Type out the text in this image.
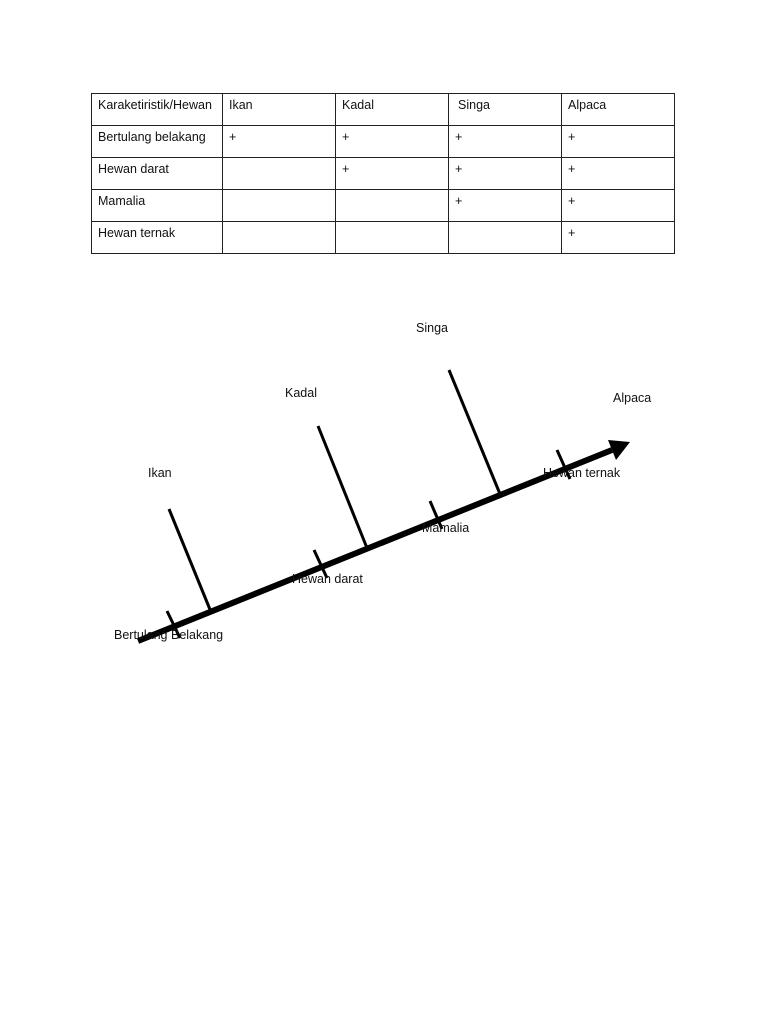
Karaketiristik/Hewan	Ikan	Kadal	Singa	Alpaca
Bertulang belakang	+	+	+	+
Hewan darat		+	+	+
Mamalia			+	+
Hewan ternak				+
Ikan
Kadal
Singa
Alpaca
Bertulang Belakang
Hewan darat
Mamalia
Hewan ternak
